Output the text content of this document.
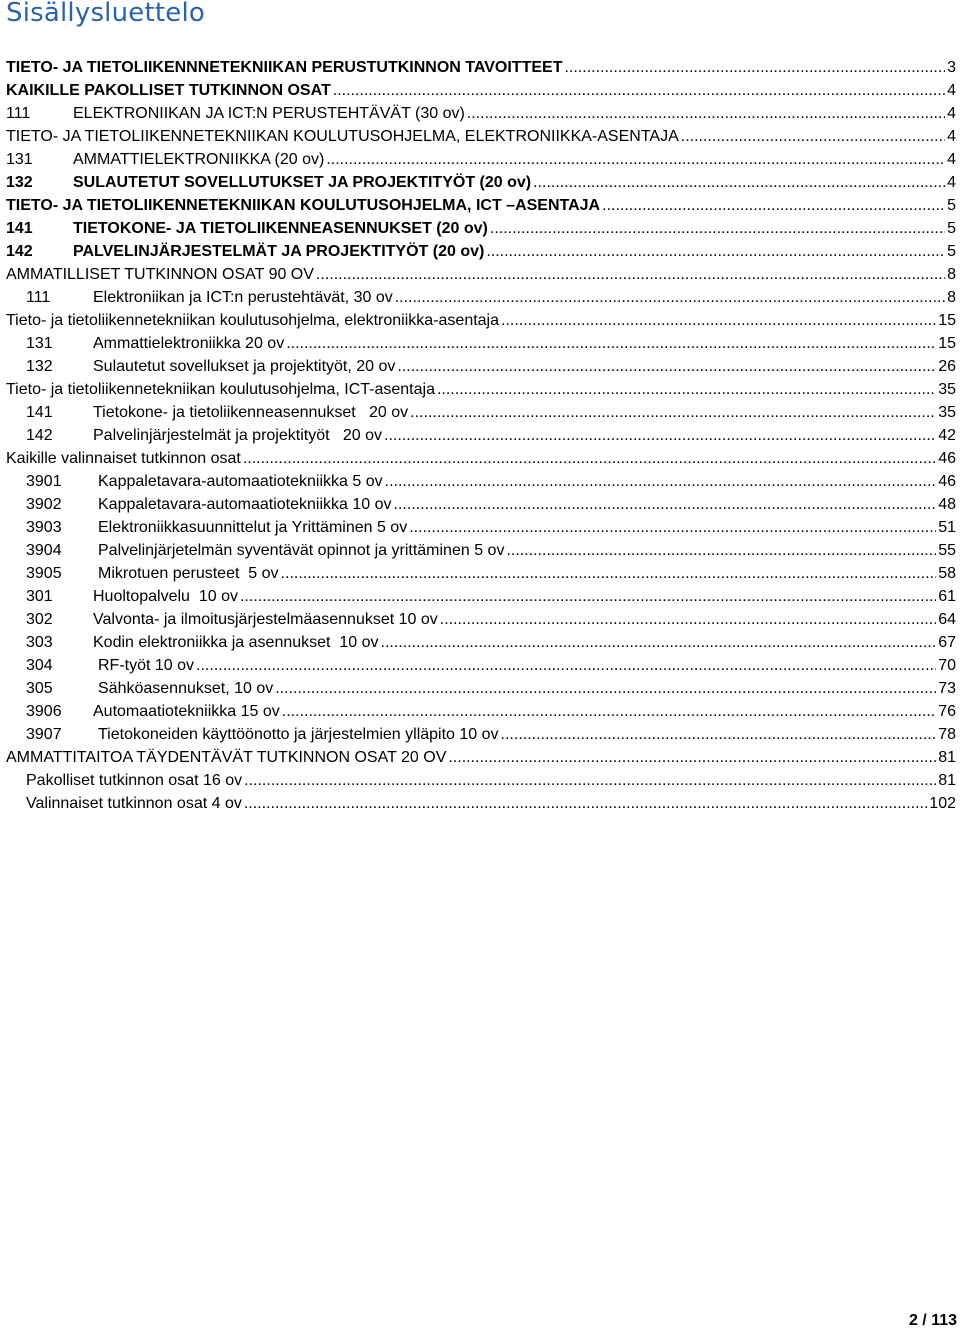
Sisällysluettelo
TIETO- JA TIETOLIIKENNNETEKNIIKAN PERUSTUTKINNON TAVOITTEET .....	3
KAIKILLE PAKOLLISET TUTKINNON OSAT .....	4
111	ELEKTRONIIKAN JA ICT:N PERUSTEHTÄVÄT (30 ov) .....	4
TIETO- JA TIETOLIIKENNETEKNIIKAN KOULUTUSOHJELMA, ELEKTRONIIKKA-ASENTAJA .....	4
131	AMMATTIELEKTRONIIKKA (20 ov) .....	4
132	SULAUTETUT SOVELLUTUKSET JA PROJEKTITYÖT (20 ov) .....	4
TIETO- JA TIETOLIIKENNETEKNIIKAN KOULUTUSOHJELMA, ICT –ASENTAJA .....	5
141	TIETOKONE- JA TIETOLIIKENNEASENNUKSET (20 ov) .....	5
142	PALVELINJÄRJESTELMÄT JA PROJEKTITYÖT (20 ov) .....	5
AMMATILLISET TUTKINNON OSAT 90 OV .....	8
111	Elektroniikan ja ICT:n perustehtävät, 30 ov .....	8
Tieto- ja tietoliikennetekniikan koulutusohjelma, elektroniikka-asentaja .....	15
131	Ammattielektroniikka 20 ov .....	15
132	Sulautetut sovellukset ja projektityöt, 20 ov .....	26
Tieto- ja tietoliikennetekniikan koulutusohjelma, ICT-asentaja .....	35
141	Tietokone- ja tietoliikenneasennukset   20 ov .....	35
142	Palvelinjärjestelmät ja projektityöt   20 ov .....	42
Kaikille valinnaiset tutkinnon osat .....	46
3901	Kappaletavara-automaatiotekniikka 5 ov .....	46
3902	Kappaletavara-automaatiotekniikka 10 ov .....	48
3903	Elektroniikkasuunnittelut ja Yrittäminen 5 ov .....	51
3904	Palvelinjärjetelmän syventävät opinnot ja yrittäminen 5 ov .....	55
3905	Mikrotuen perusteet  5 ov .....	58
301	Huoltopalvelu  10 ov .....	61
302	Valvonta- ja ilmoitusjärjestelmäasennukset 10 ov .....	64
303	Kodin elektroniikka ja asennukset  10 ov .....	67
304	RF-työt 10 ov .....	70
305	Sähköasennukset, 10 ov .....	73
3906	Automaatiotekniikka 15 ov .....	76
3907	Tietokoneiden käyttöönotto ja järjestelmien ylläpito 10 ov .....	78
AMMATTITAITOA TÄYDENTÄVÄT TUTKINNON OSAT 20 OV .....	81
Pakolliset tutkinnon osat 16 ov .....	81
Valinnaiset tutkinnon osat 4 ov .....	102
2 / 113
